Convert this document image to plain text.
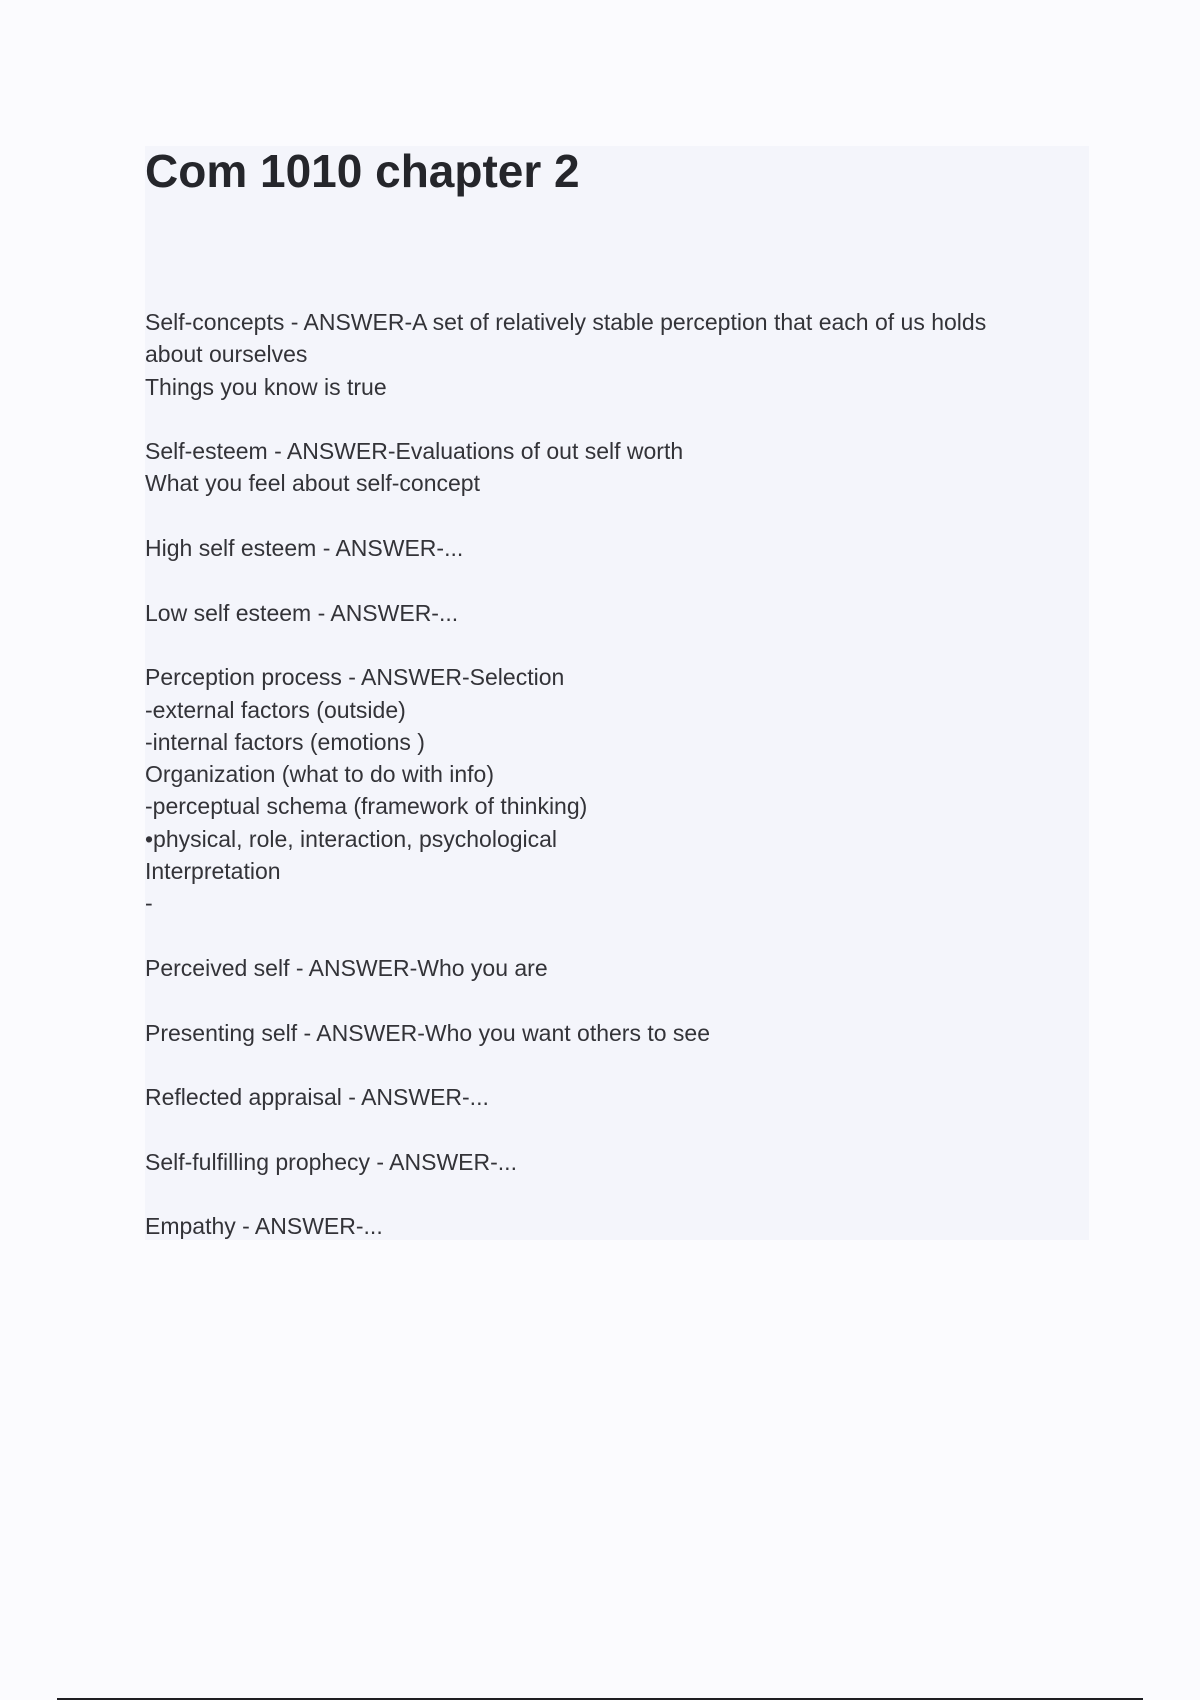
Com 1010 chapter 2

Self-concepts - ANSWER-A set of relatively stable perception that each of us holds
about ourselves
Things you know is true

Self-esteem - ANSWER-Evaluations of out self worth
What you feel about self-concept

High self esteem - ANSWER-...

Low self esteem - ANSWER-...

Perception process - ANSWER-Selection
-external factors (outside)
-internal factors (emotions )
Organization (what to do with info)
-perceptual schema (framework of thinking)
•physical, role, interaction, psychological
Interpretation
-

Perceived self - ANSWER-Who you are

Presenting self - ANSWER-Who you want others to see

Reflected appraisal - ANSWER-...

Self-fulfilling prophecy - ANSWER-...

Empathy - ANSWER-...
